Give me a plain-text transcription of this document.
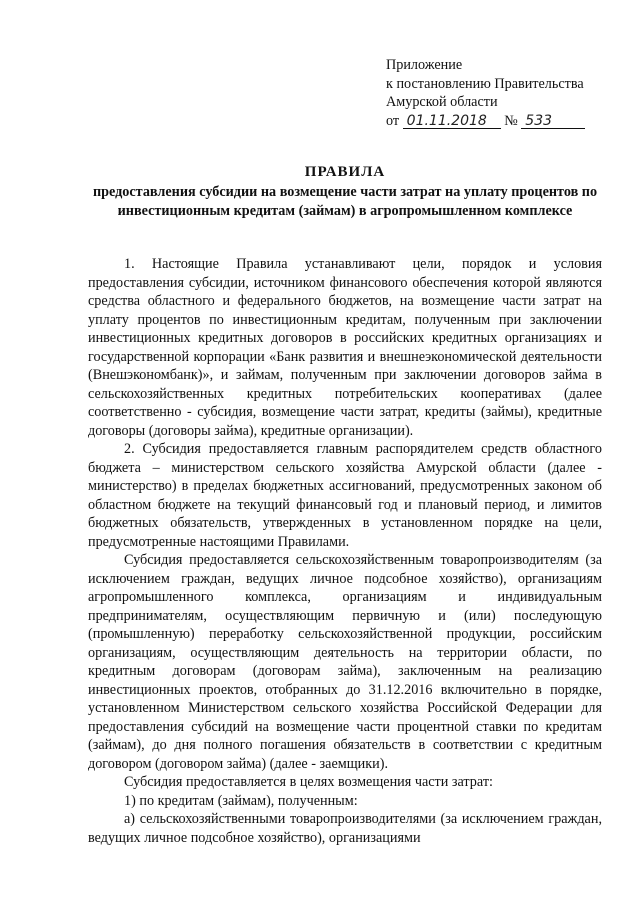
Приложение
к постановлению Правительства
Амурской области
от 01.11.2018 № 533
ПРАВИЛА
предоставления субсидии на возмещение части затрат на уплату процентов по инвестиционным кредитам (займам) в агропромышленном комплексе

1. Настоящие Правила устанавливают цели, порядок и условия предоставления субсидии, источником финансового обеспечения которой являются средства областного и федерального бюджетов, на возмещение части затрат на уплату процентов по инвестиционным кредитам, полученным при заключении инвестиционных кредитных договоров в российских кредитных организациях и государственной корпорации «Банк развития и внешнеэкономической деятельности (Внешэкономбанк)», и займам, полученным при заключении договоров займа в сельскохозяйственных кредитных потребительских кооперативах (далее соответственно - субсидия, возмещение части затрат, кредиты (займы), кредитные договоры (договоры займа), кредитные организации).

2. Субсидия предоставляется главным распорядителем средств областного бюджета – министерством сельского хозяйства Амурской области (далее - министерство) в пределах бюджетных ассигнований, предусмотренных законом об областном бюджете на текущий финансовый год и плановый период, и лимитов бюджетных обязательств, утвержденных в установленном порядке на цели, предусмотренные настоящими Правилами.

Субсидия предоставляется сельскохозяйственным товаропроизводителям (за исключением граждан, ведущих личное подсобное хозяйство), организациям агропромышленного комплекса, организациям и индивидуальным предпринимателям, осуществляющим первичную и (или) последующую (промышленную) переработку сельскохозяйственной продукции, российским организациям, осуществляющим деятельность на территории области, по кредитным договорам (договорам займа), заключенным на реализацию инвестиционных проектов, отобранных до 31.12.2016 включительно в порядке, установленном Министерством сельского хозяйства Российской Федерации для предоставления субсидий на возмещение части процентной ставки по кредитам (займам), до дня полного погашения обязательств в соответствии с кредитным договором (договором займа) (далее - заемщики).

Субсидия предоставляется в целях возмещения части затрат:

1) по кредитам (займам), полученным:

а) сельскохозяйственными товаропроизводителями (за исключением граждан, ведущих личное подсобное хозяйство), организациями
